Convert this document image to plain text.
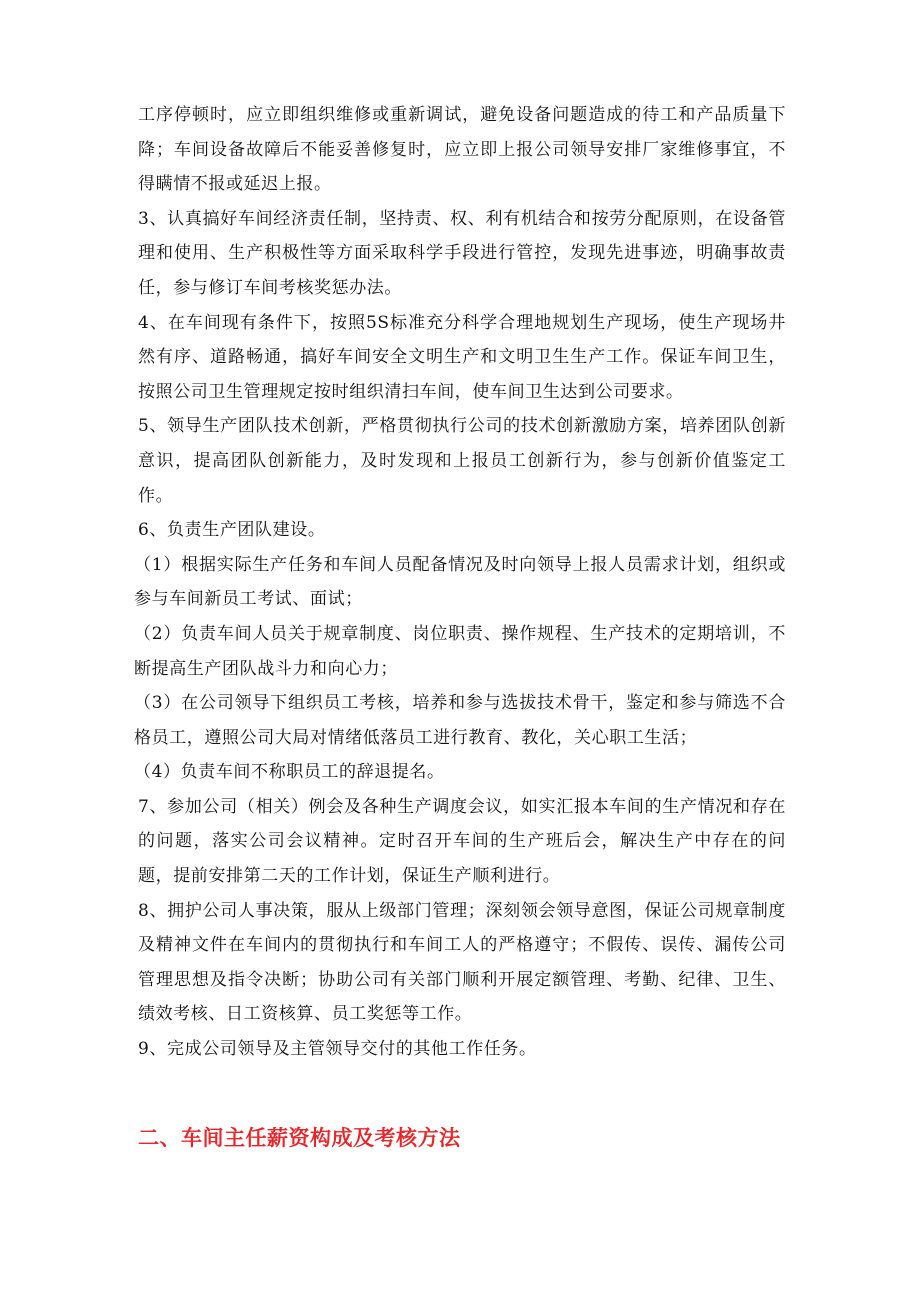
工序停顿时，应立即组织维修或重新调试，避免设备问题造成的待工和产品质量下降；车间设备故障后不能妥善修复时，应立即上报公司领导安排厂家维修事宜，不得瞒情不报或延迟上报。

3、认真搞好车间经济责任制，坚持责、权、利有机结合和按劳分配原则，在设备管理和使用、生产积极性等方面采取科学手段进行管控，发现先进事迹，明确事故责任，参与修订车间考核奖惩办法。

4、在车间现有条件下，按照5S标准充分科学合理地规划生产现场，使生产现场井然有序、道路畅通，搞好车间安全文明生产和文明卫生生产工作。保证车间卫生，按照公司卫生管理规定按时组织清扫车间，使车间卫生达到公司要求。

5、领导生产团队技术创新，严格贯彻执行公司的技术创新激励方案，培养团队创新意识，提高团队创新能力，及时发现和上报员工创新行为，参与创新价值鉴定工作。

6、负责生产团队建设。

（1）根据实际生产任务和车间人员配备情况及时向领导上报人员需求计划，组织或参与车间新员工考试、面试；

（2）负责车间人员关于规章制度、岗位职责、操作规程、生产技术的定期培训，不断提高生产团队战斗力和向心力；

（3）在公司领导下组织员工考核，培养和参与选拔技术骨干，鉴定和参与筛选不合格员工，遵照公司大局对情绪低落员工进行教育、教化，关心职工生活；

（4）负责车间不称职员工的辞退提名。

7、参加公司（相关）例会及各种生产调度会议，如实汇报本车间的生产情况和存在的问题，落实公司会议精神。定时召开车间的生产班后会，解决生产中存在的问题，提前安排第二天的工作计划，保证生产顺利进行。

8、拥护公司人事决策，服从上级部门管理；深刻领会领导意图，保证公司规章制度及精神文件在车间内的贯彻执行和车间工人的严格遵守；不假传、误传、漏传公司管理思想及指令决断；协助公司有关部门顺利开展定额管理、考勤、纪律、卫生、绩效考核、日工资核算、员工奖惩等工作。

9、完成公司领导及主管领导交付的其他工作任务。

二、车间主任薪资构成及考核方法
